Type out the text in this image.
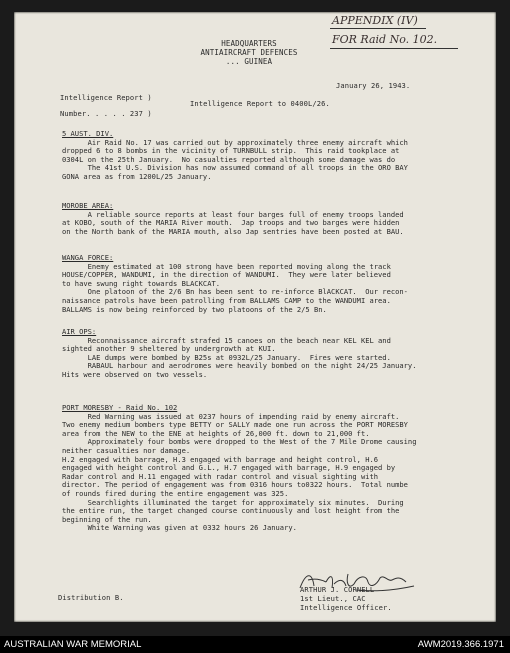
APPENDIX (IV)
FOR Raid No. 102.
HEADQUARTERS
ANTIAIRCRAFT DEFENCES
... GUINEA
January 26, 1943.
Intelligence Report )
Intelligence Report to 0400L/26.
Number. . . . . 237 )
5 AUST. DIV.
Air Raid No. 17 was carried out by approximately three enemy aircraft which
dropped 6 to 8 bombs in the vicinity of TURNBULL strip.  This raid tookplace at
0304L on the 25th January.  No casualties reported although some damage was do
The 41st U.S. Division has now assumed command of all troops in the ORO BAY
GONA area as from 1200L/25 January.
MOROBE AREA:
A reliable source reports at least four barges full of enemy troops landed
at KOBO, south of the MARIA River mouth.  Jap troops and two barges were hidden
on the North bank of the MARIA mouth, also Jap sentries have been posted at BAU.
WANGA FORCE:
Enemy estimated at 100 strong have been reported moving along the track
HOUSE/COPPER, WANDUMI, in the direction of WANDUMI.  They were later believed
to have swung right towards BLACKCAT.
One platoon of the 2/6 Bn has been sent to re-inforce BlACKCAT.  Our recon-
naissance patrols have been patrolling from BALLAMS CAMP to the WANDUMI area.
BALLAMS is now being reinforced by two platoons of the 2/5 Bn.
AIR OPS:
Reconnaissance aircraft strafed 15 canoes on the beach near KEL KEL and
sighted another 9 sheltered by undergrowth at KUI.
LAE dumps were bombed by B25s at 0932L/25 January.  Fires were started.
RABAUL harbour and aerodromes were heavily bombed on the night 24/25 January.
Hits were observed on two vessels.
PORT MORESBY - Raid No. 102
Red Warning was issued at 0237 hours of impending raid by enemy aircraft.
Two enemy medium bombers type BETTY or SALLY made one run across the PORT MORESBY
area from the NEW to the ENE at heights of 26,000 ft. down to 21,000 ft.
Approximately four bombs were dropped to the West of the 7 Mile Drome causing
neither casualties nor damage.
H.2 engaged with barrage, H.3 engaged with barrage and height control, H.6
engaged with height control and G.L., H.7 engaged with barrage, H.9 engaged by
Radar control and H.11 engaged with radar control and visual sighting with
director. The period of engagement was from 0316 hours to0322 hours.  Total numbe
of rounds fired during the entire engagement was 325.
Searchlights illuminated the target for approximately six minutes.  During
the entire run, the target changed course continuously and lost height from the
beginning of the run.
White Warning was given at 0332 hours 26 January.
ARTHUR J. CORNELL
1st Lieut., CAC
Intelligence Officer.
Distribution B.
AUSTRALIAN WAR MEMORIAL	AWM2019.366.1971
